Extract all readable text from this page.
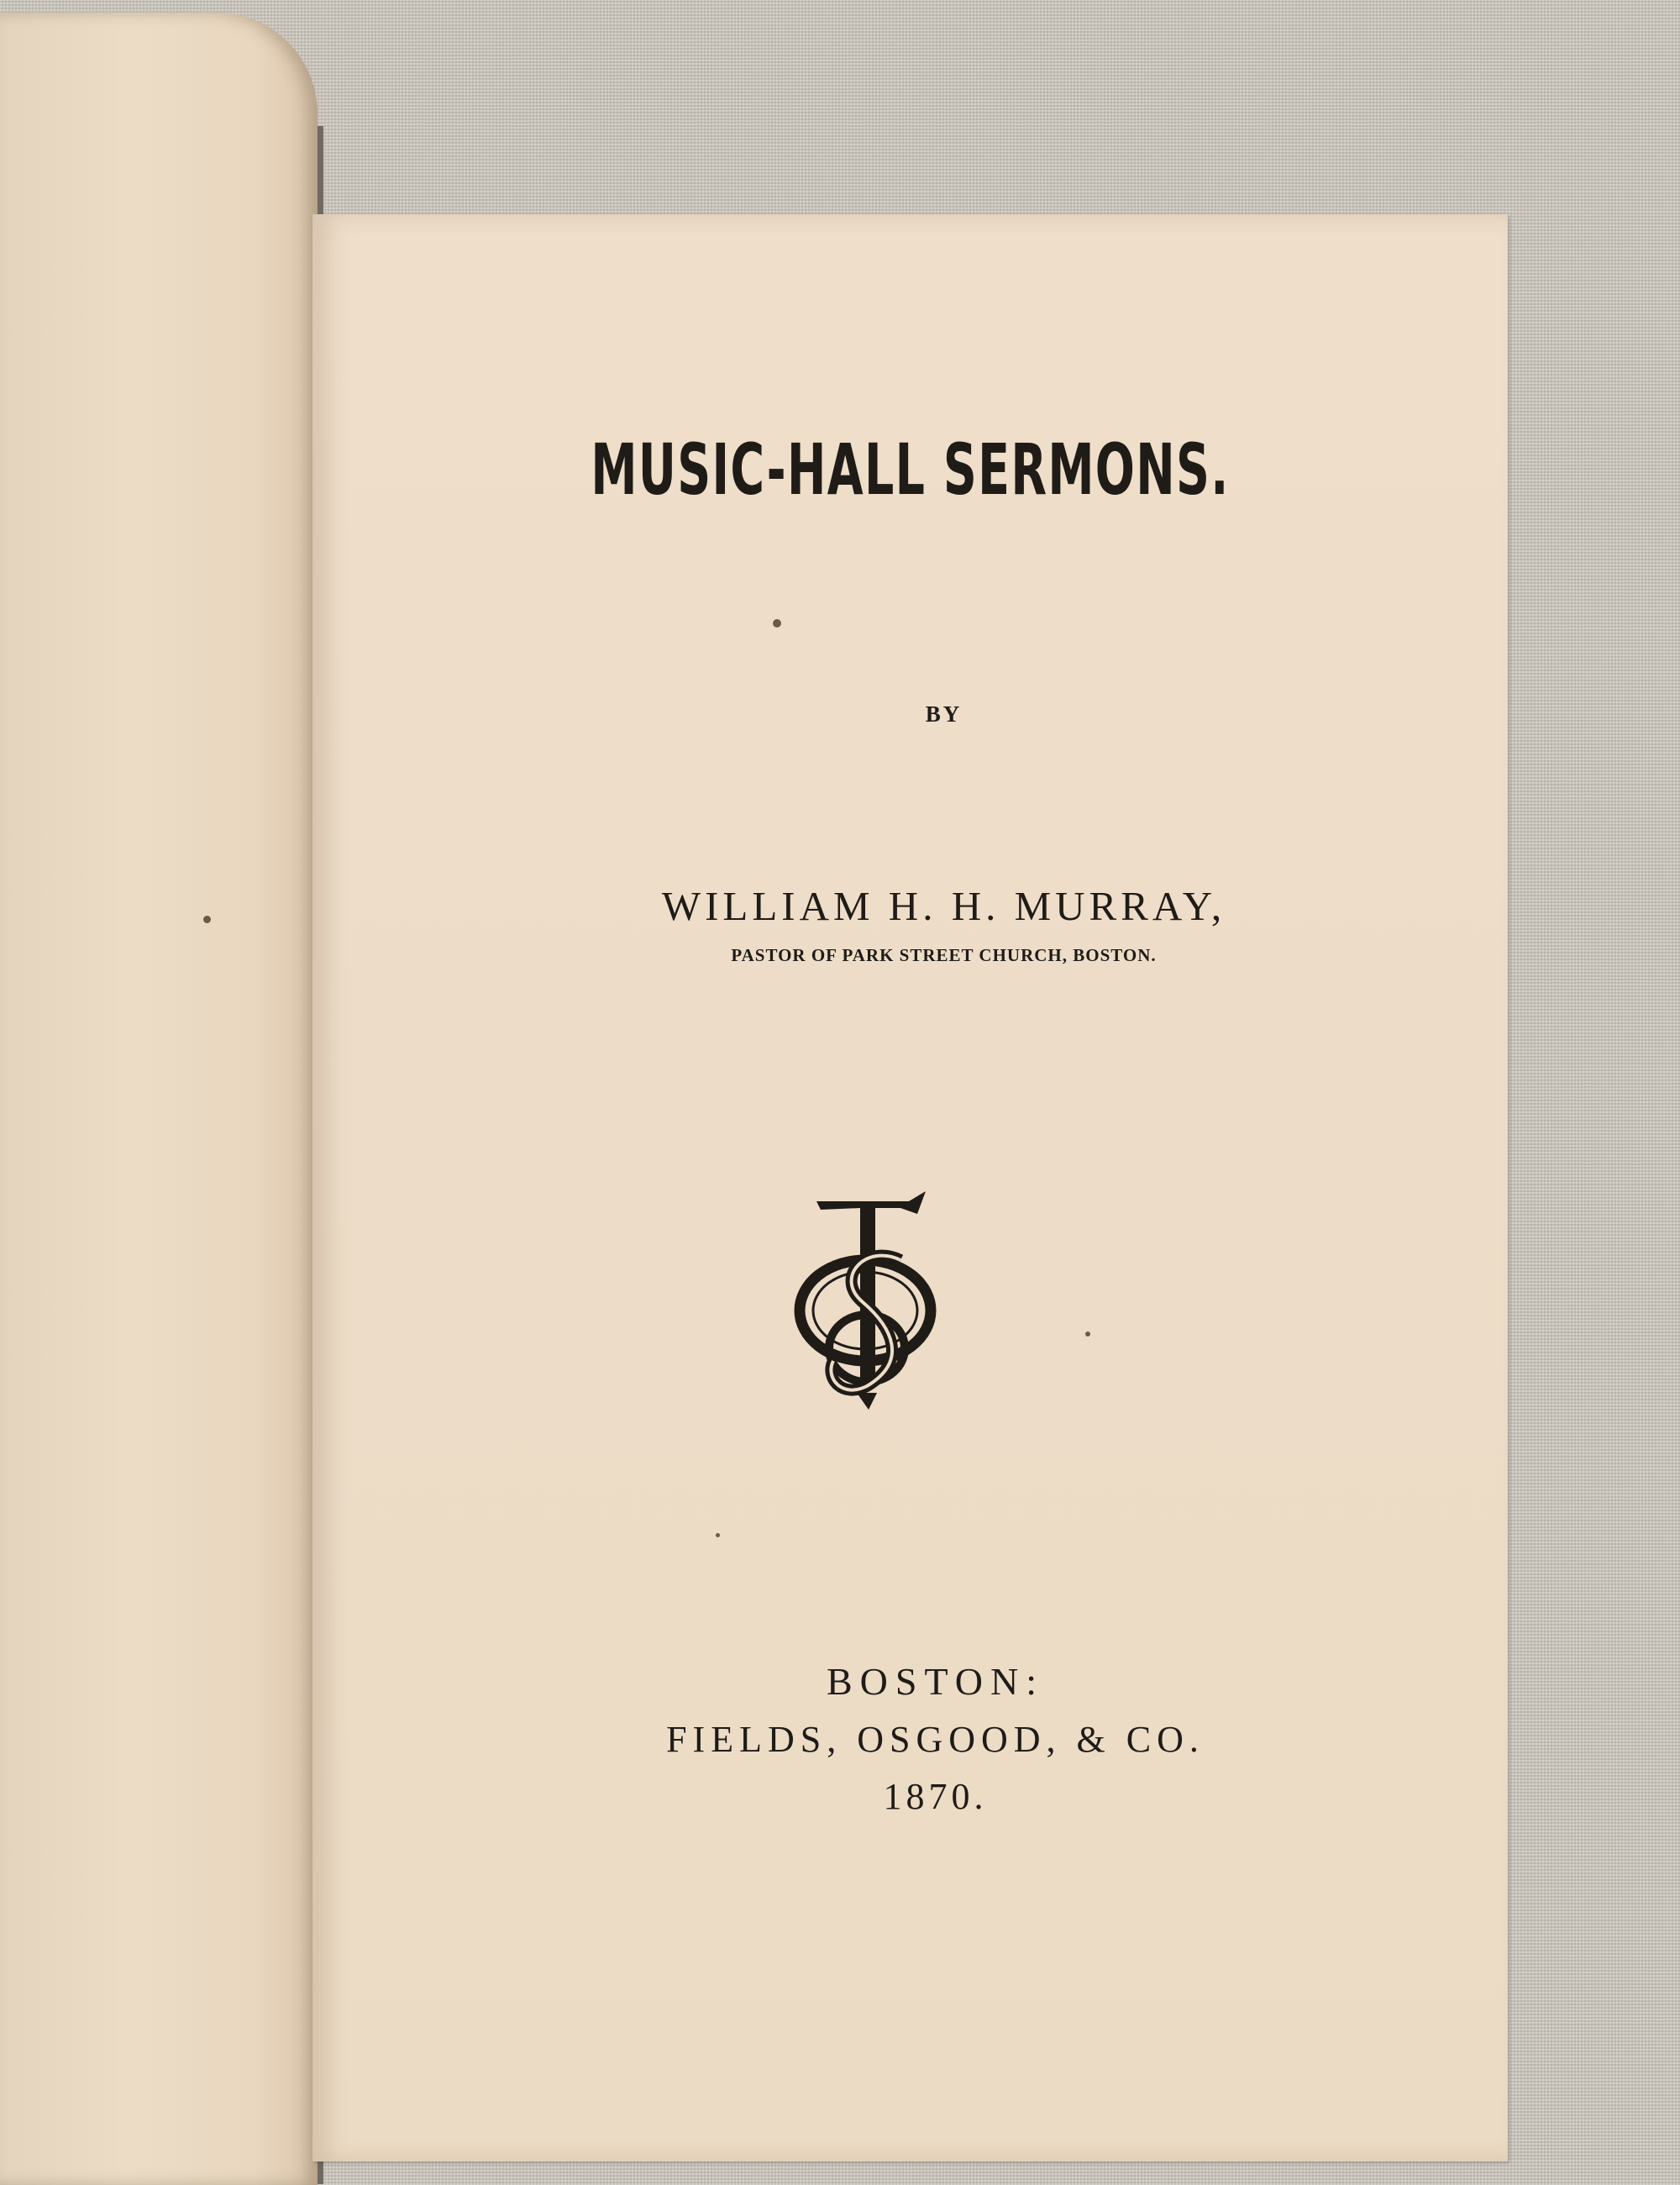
MUSIC-HALL SERMONS.
BY
WILLIAM H. H. MURRAY,
PASTOR OF PARK STREET CHURCH, BOSTON.
BOSTON:
FIELDS, OSGOOD, & CO.
1870.
